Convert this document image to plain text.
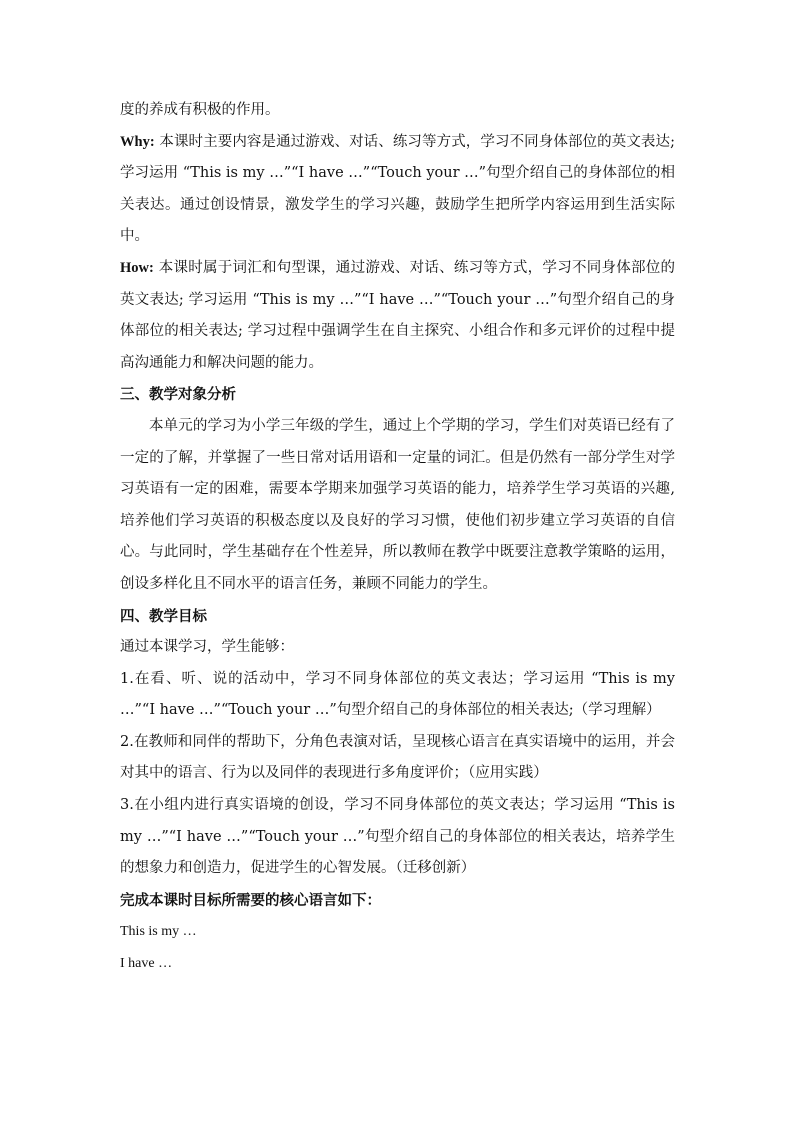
度的养成有积极的作用。

Why: 本课时主要内容是通过游戏、对话、练习等方式，学习不同身体部位的英文表达; 学习运用 “This is my …”“I have …”“Touch your …”句型介绍自己的身体部位的相关表达。通过创设情景，激发学生的学习兴趣，鼓励学生把所学内容运用到生活实际中。

How: 本课时属于词汇和句型课，通过游戏、对话、练习等方式，学习不同身体部位的英文表达; 学习运用 “This is my …”“I have …”“Touch your …”句型介绍自己的身体部位的相关表达; 学习过程中强调学生在自主探究、小组合作和多元评价的过程中提高沟通能力和解决问题的能力。

三、教学对象分析

本单元的学习为小学三年级的学生，通过上个学期的学习，学生们对英语已经有了一定的了解，并掌握了一些日常对话用语和一定量的词汇。但是仍然有一部分学生对学习英语有一定的困难，需要本学期来加强学习英语的能力，培养学生学习英语的兴趣, 培养他们学习英语的积极态度以及良好的学习习惯，使他们初步建立学习英语的自信心。与此同时，学生基础存在个性差异，所以教师在教学中既要注意教学策略的运用，创设多样化且不同水平的语言任务，兼顾不同能力的学生。

四、教学目标

通过本课学习，学生能够：

1.在看、听、说的活动中，学习不同身体部位的英文表达；学习运用 “This is my …”“I have …”“Touch your …”句型介绍自己的身体部位的相关表达;（学习理解）

2.在教师和同伴的帮助下，分角色表演对话，呈现核心语言在真实语境中的运用，并会对其中的语言、行为以及同伴的表现进行多角度评价；（应用实践）

3.在小组内进行真实语境的创设，学习不同身体部位的英文表达；学习运用 “This is my …”“I have …”“Touch your …”句型介绍自己的身体部位的相关表达，培养学生的想象力和创造力，促进学生的心智发展。（迁移创新）

完成本课时目标所需要的核心语言如下：

This is my …

I have …
